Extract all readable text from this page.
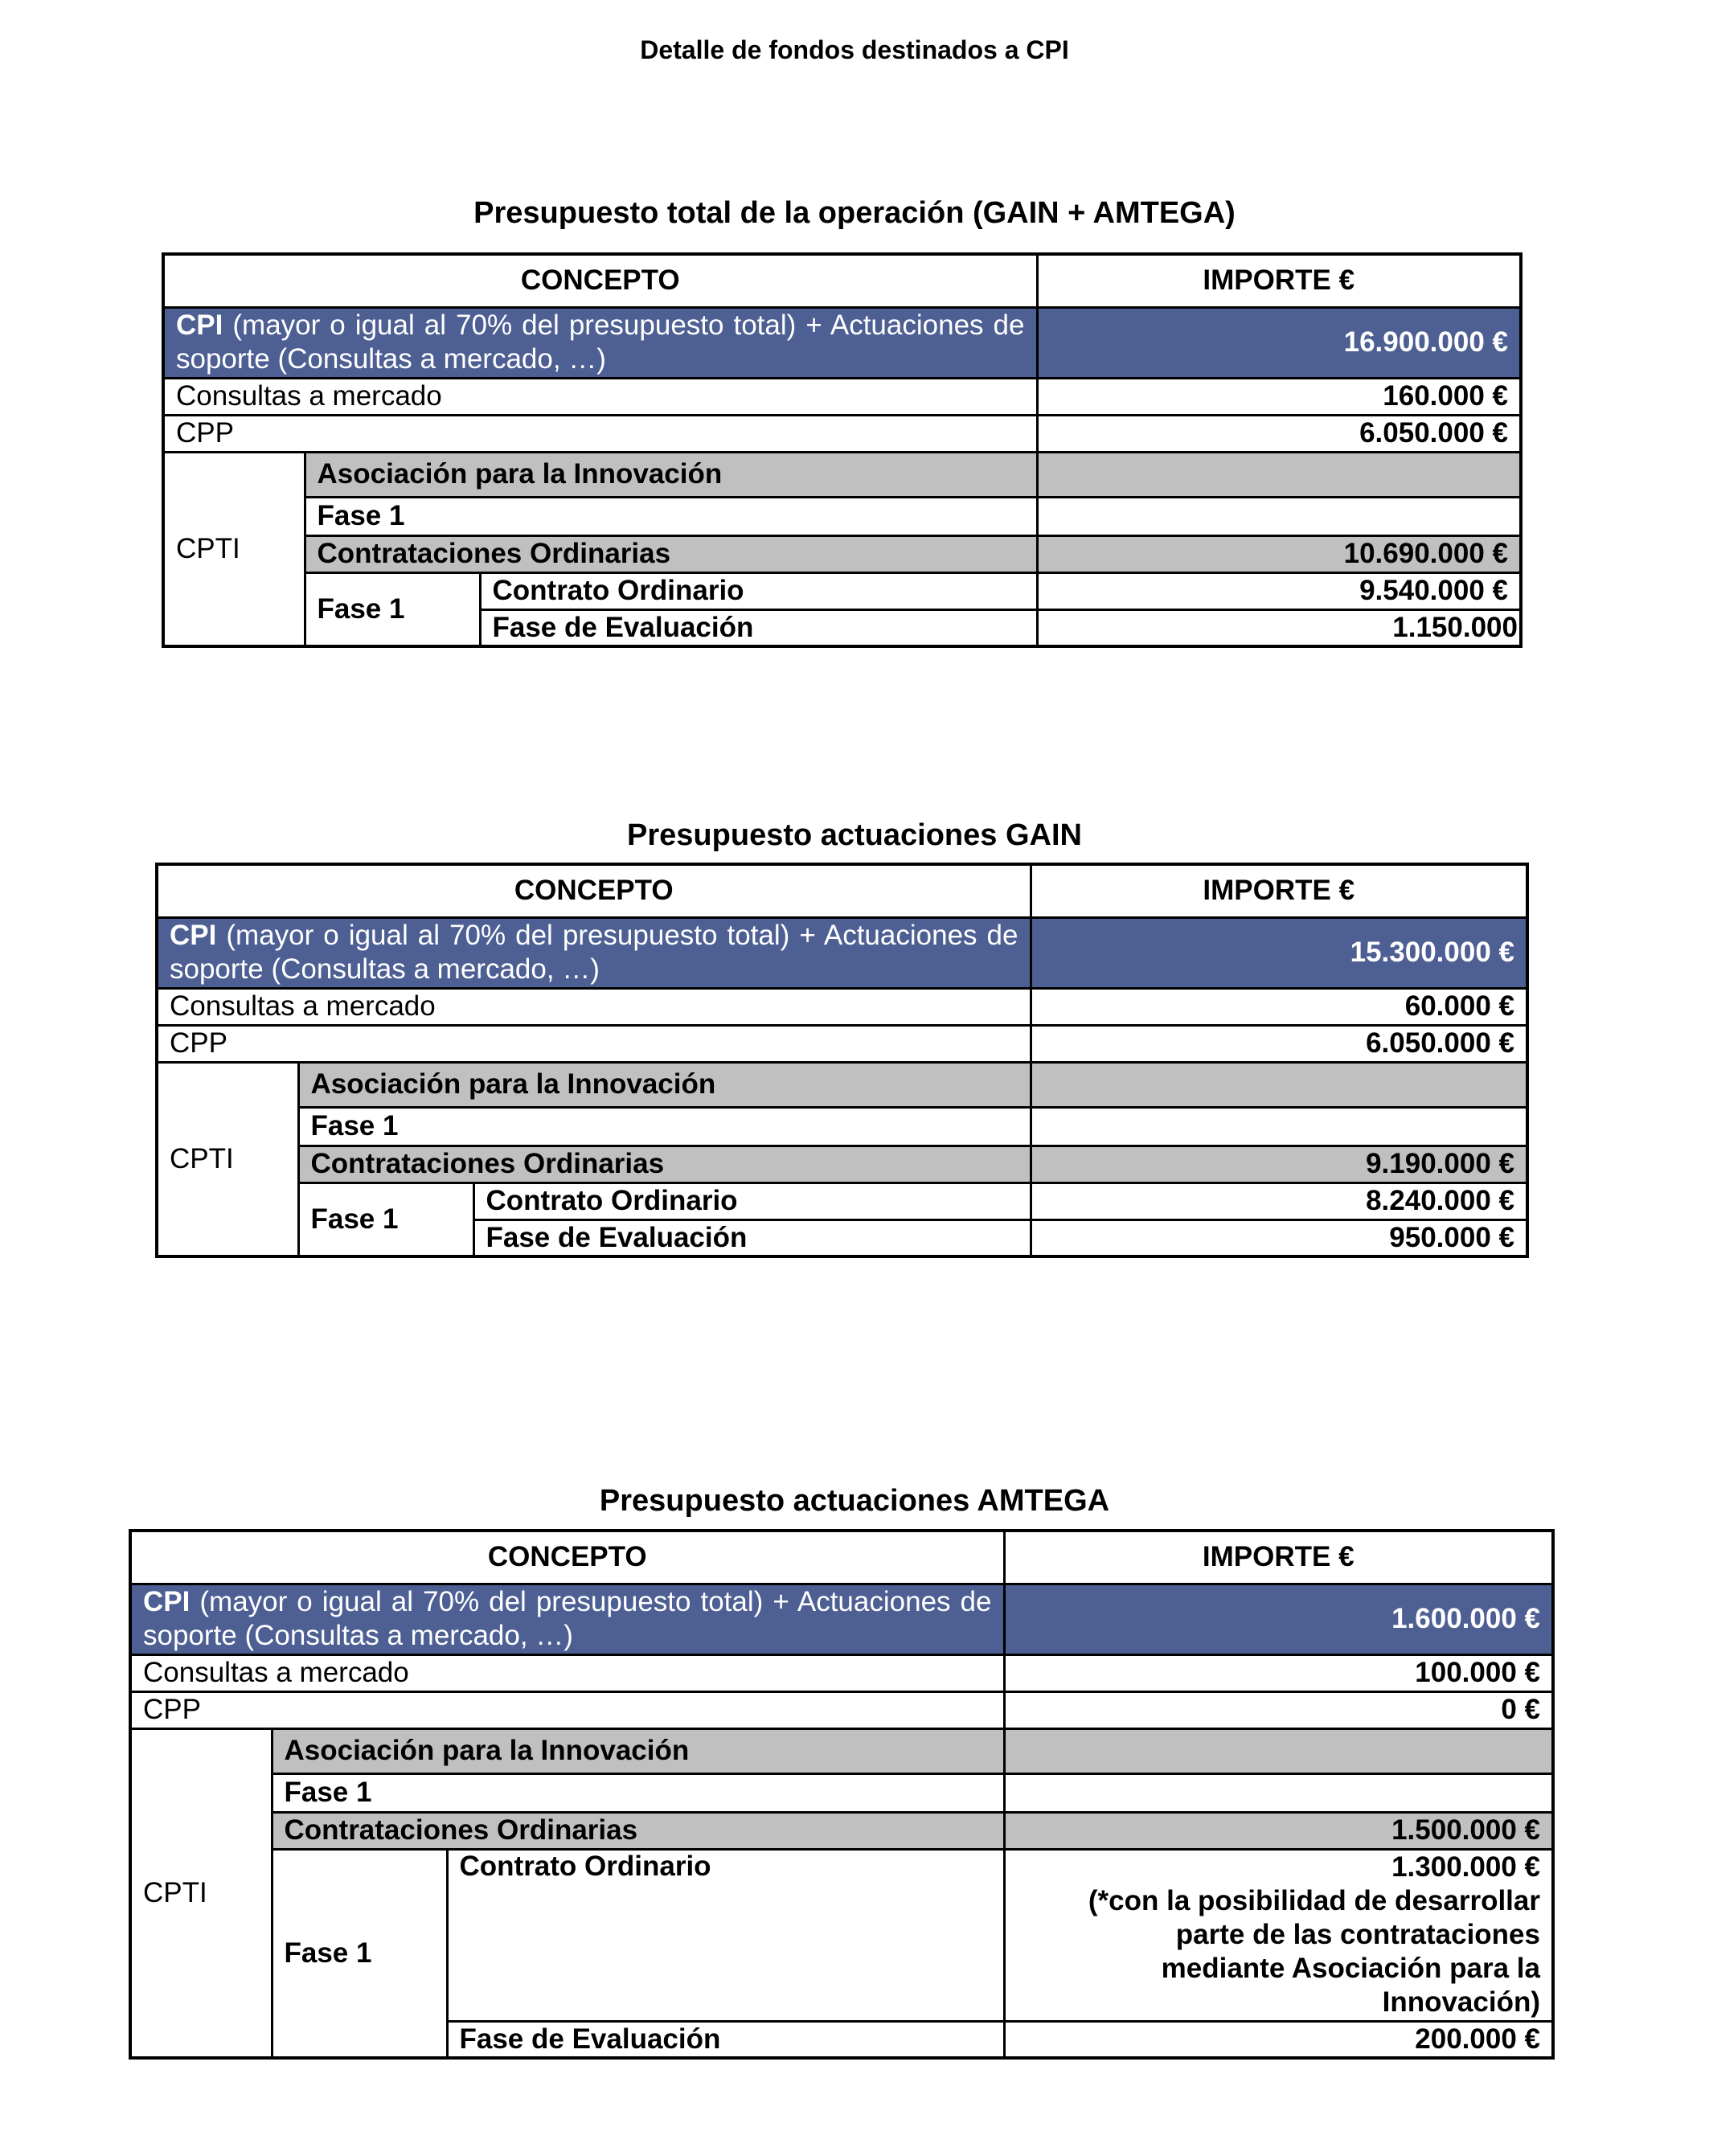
Detalle de fondos destinados a CPI
Presupuesto total de la operación (GAIN + AMTEGA)
CONCEPTO			IMPORTE €
CPI (mayor o igual al 70% del presupuesto total) + Actuaciones de soporte (Consultas a mercado, …)			16.900.000 €
Consultas a mercado			160.000 €
CPP			6.050.000 €
CPTI	Asociación para la Innovación		
	Fase 1		
	Contrataciones Ordinarias		10.690.000 €
	Fase 1	Contrato Ordinario	9.540.000 €
		Fase de Evaluación	1.150.000
Presupuesto actuaciones GAIN
CONCEPTO			IMPORTE €
CPI (mayor o igual al 70% del presupuesto total) + Actuaciones de soporte (Consultas a mercado, …)			15.300.000 €
Consultas a mercado			60.000 €
CPP			6.050.000 €
CPTI	Asociación para la Innovación		
	Fase 1		
	Contrataciones Ordinarias		9.190.000 €
	Fase 1	Contrato Ordinario	8.240.000 €
		Fase de Evaluación	950.000 €
Presupuesto actuaciones AMTEGA
CONCEPTO			IMPORTE €
CPI (mayor o igual al 70% del presupuesto total) + Actuaciones de soporte (Consultas a mercado, …)			1.600.000 €
Consultas a mercado			100.000 €
CPP			0 €
CPTI	Asociación para la Innovación		
	Fase 1		
	Contrataciones Ordinarias		1.500.000 €
	Fase 1	Contrato Ordinario	1.300.000 €
(*con la posibilidad de desarrollar parte de las contrataciones mediante Asociación para la Innovación)

		Fase de Evaluación	200.000 €
